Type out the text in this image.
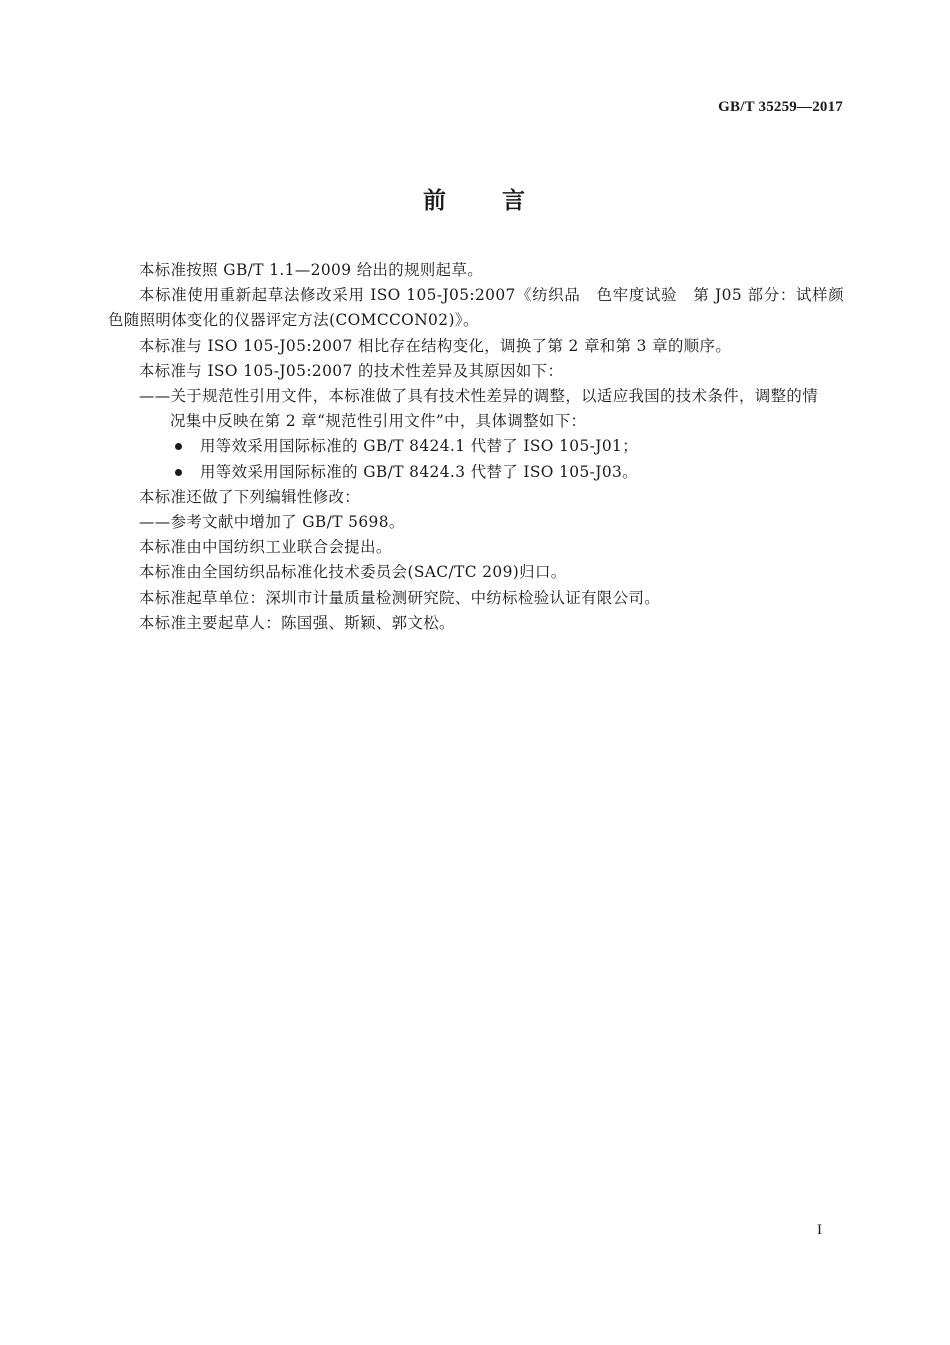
GB/T 35259—2017
前 言

本标准按照 GB/T 1.1—2009 给出的规则起草。

本标准使用重新起草法修改采用 ISO 105-J05:2007《纺织品　色牢度试验　第 J05 部分：试样颜色随照明体变化的仪器评定方法(COMCCON02)》。

本标准与 ISO 105-J05:2007 相比存在结构变化，调换了第 2 章和第 3 章的顺序。

本标准与 ISO 105-J05:2007 的技术性差异及其原因如下：

——关于规范性引用文件，本标准做了具有技术性差异的调整，以适应我国的技术条件，调整的情
况集中反映在第 2 章“规范性引用文件”中，具体调整如下：
用等效采用国际标准的 GB/T 8424.1 代替了 ISO 105-J01；
用等效采用国际标准的 GB/T 8424.3 代替了 ISO 105-J03。

本标准还做了下列编辑性修改：

——参考文献中增加了 GB/T 5698。

本标准由中国纺织工业联合会提出。

本标准由全国纺织品标准化技术委员会(SAC/TC 209)归口。

本标准起草单位：深圳市计量质量检测研究院、中纺标检验认证有限公司。

本标准主要起草人：陈国强、斯颖、郭文松。

I
